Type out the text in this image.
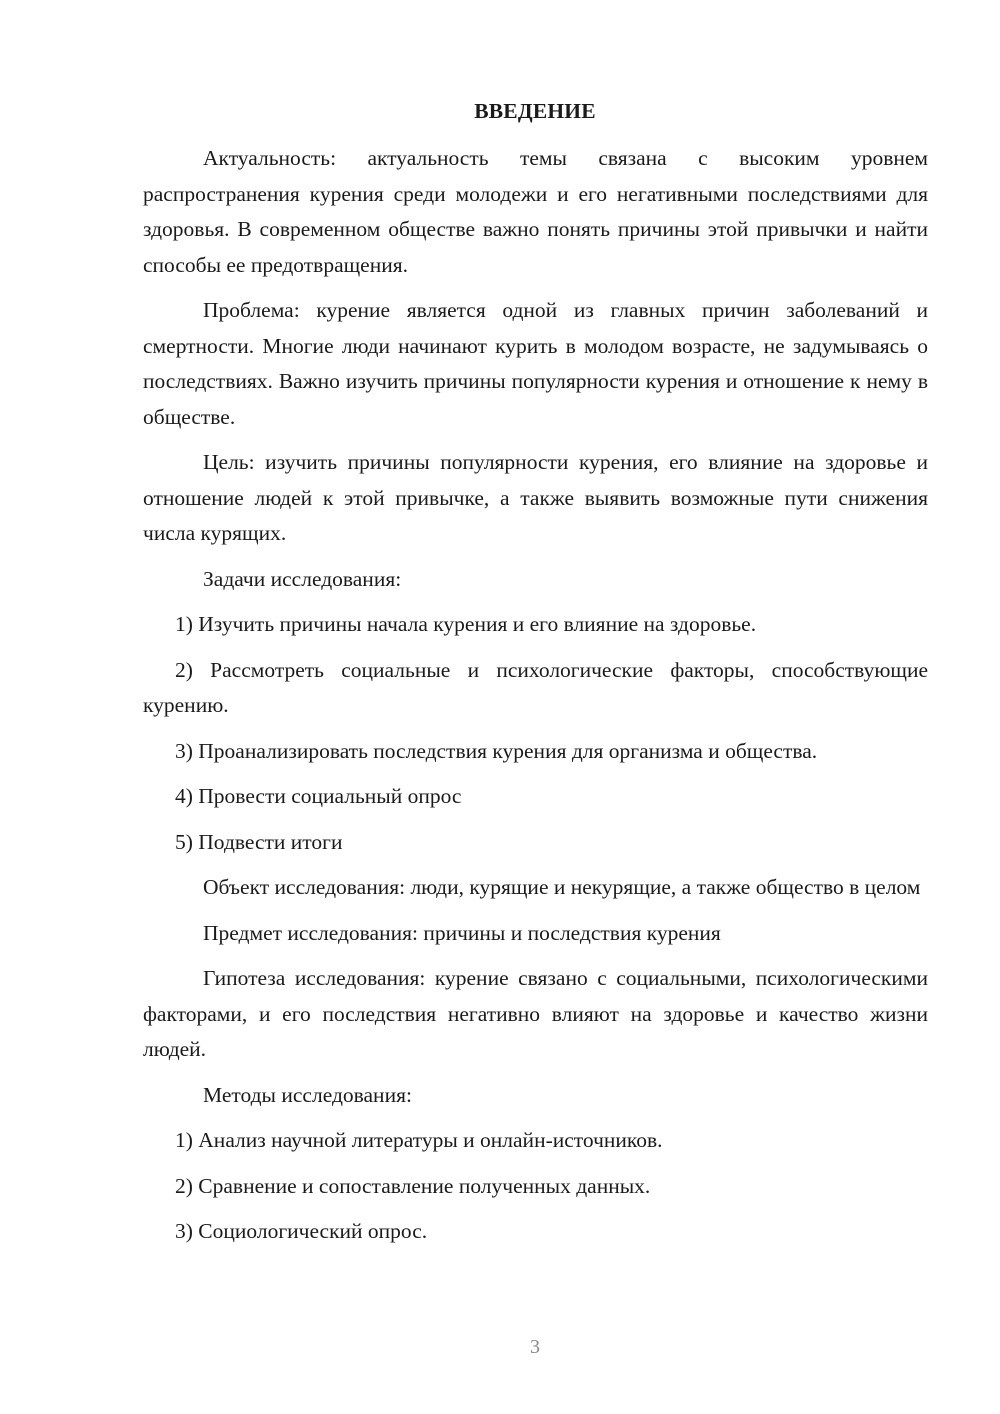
ВВЕДЕНИЕ

Актуальность: актуальность темы связана с высоким уровнем распространения курения среди молодежи и его негативными последствиями для здоровья. В современном обществе важно понять причины этой привычки и найти способы ее предотвращения.

Проблема: курение является одной из главных причин заболеваний и смертности. Многие люди начинают курить в молодом возрасте, не задумываясь о последствиях. Важно изучить причины популярности курения и отношение к нему в обществе.

Цель: изучить причины популярности курения, его влияние на здоровье и отношение людей к этой привычке, а также выявить возможные пути снижения числа курящих.

Задачи исследования:

1) Изучить причины начала курения и его влияние на здоровье.

2) Рассмотреть социальные и психологические факторы, способствующие курению.

3) Проанализировать последствия курения для организма и общества.

4) Провести социальный опрос

5) Подвести итоги

Объект исследования: люди, курящие и некурящие, а также общество в целом

Предмет исследования: причины и последствия курения

Гипотеза исследования: курение связано с социальными, психологическими факторами, и его последствия негативно влияют на здоровье и качество жизни людей.

Методы исследования:

1) Анализ научной литературы и онлайн-источников.

2) Сравнение и сопоставление полученных данных.

3) Социологический опрос.

3
